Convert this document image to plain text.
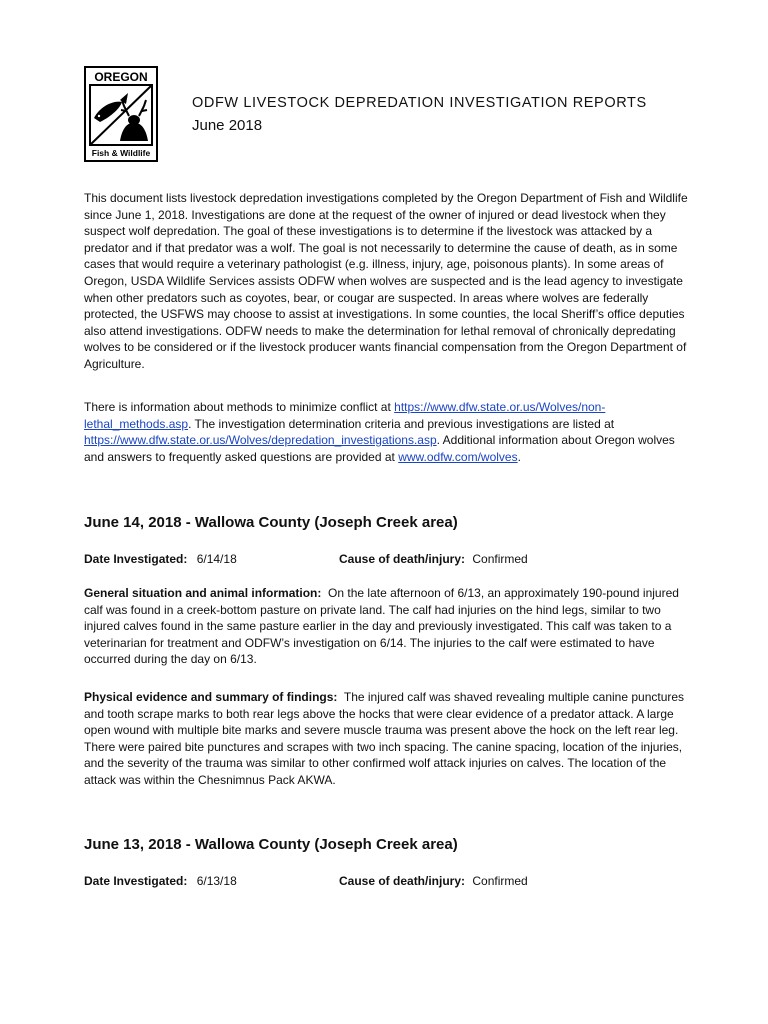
OREGON
Fish & Wildlife
ODFW LIVESTOCK DEPREDATION INVESTIGATION REPORTS
June 2018

This document lists livestock depredation investigations completed by the Oregon Department of Fish and Wildlife since June 1, 2018. Investigations are done at the request of the owner of injured or dead livestock when they suspect wolf depredation. The goal of these investigations is to determine if the livestock was attacked by a predator and if that predator was a wolf. The goal is not necessarily to determine the cause of death, as in some cases that would require a veterinary pathologist (e.g. illness, injury, age, poisonous plants). In some areas of Oregon, USDA Wildlife Services assists ODFW when wolves are suspected and is the lead agency to investigate when other predators such as coyotes, bear, or cougar are suspected. In areas where wolves are federally protected, the USFWS may choose to assist at investigations. In some counties, the local Sheriff’s office deputies also attend investigations. ODFW needs to make the determination for lethal removal of chronically depredating wolves to be considered or if the livestock producer wants financial compensation from the Oregon Department of Agriculture.

There is information about methods to minimize conflict at https://www.dfw.state.or.us/Wolves/non-lethal_methods.asp. The investigation determination criteria and previous investigations are listed at https://www.dfw.state.or.us/Wolves/depredation_investigations.asp. Additional information about Oregon wolves and answers to frequently asked questions are provided at www.odfw.com/wolves.

June 14, 2018 - Wallowa County (Joseph Creek area)
Date Investigated: 6/14/18	Cause of death/injury: Confirmed

General situation and animal information: On the late afternoon of 6/13, an approximately 190-pound injured calf was found in a creek-bottom pasture on private land. The calf had injuries on the hind legs, similar to two injured calves found in the same pasture earlier in the day and previously investigated. This calf was taken to a veterinarian for treatment and ODFW’s investigation on 6/14. The injuries to the calf were estimated to have occurred during the day on 6/13.

Physical evidence and summary of findings: The injured calf was shaved revealing multiple canine punctures and tooth scrape marks to both rear legs above the hocks that were clear evidence of a predator attack. A large open wound with multiple bite marks and severe muscle trauma was present above the hock on the left rear leg. There were paired bite punctures and scrapes with two inch spacing. The canine spacing, location of the injuries, and the severity of the trauma was similar to other confirmed wolf attack injuries on calves. The location of the attack was within the Chesnimnus Pack AKWA.

June 13, 2018 - Wallowa County (Joseph Creek area)
Date Investigated: 6/13/18	Cause of death/injury: Confirmed
